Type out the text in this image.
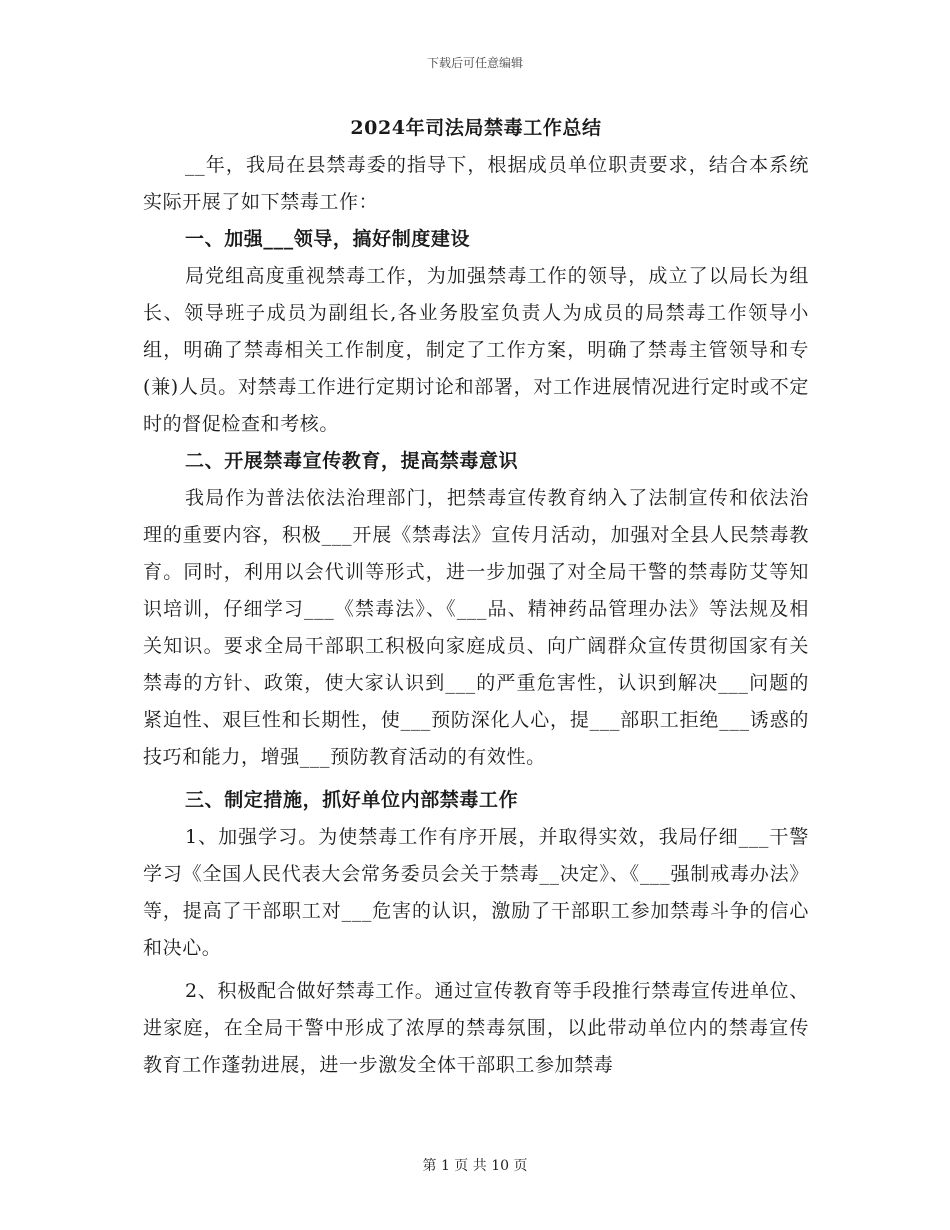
下载后可任意编辑

2024年司法局禁毒工作总结

__年，我局在县禁毒委的指导下，根据成员单位职责要求，结合本系统实际开展了如下禁毒工作：

一、加强___领导，搞好制度建设

局党组高度重视禁毒工作，为加强禁毒工作的领导，成立了以局长为组长、领导班子成员为副组长,各业务股室负责人为成员的局禁毒工作领导小组，明确了禁毒相关工作制度，制定了工作方案，明确了禁毒主管领导和专(兼)人员。对禁毒工作进行定期讨论和部署，对工作进展情况进行定时或不定时的督促检查和考核。

二、开展禁毒宣传教育，提高禁毒意识

我局作为普法依法治理部门，把禁毒宣传教育纳入了法制宣传和依法治理的重要内容，积极___开展《禁毒法》宣传月活动，加强对全县人民禁毒教育。同时，利用以会代训等形式，进一步加强了对全局干警的禁毒防艾等知识培训，仔细学习___《禁毒法》、《___品、精神药品管理办法》等法规及相关知识。要求全局干部职工积极向家庭成员、向广阔群众宣传贯彻国家有关禁毒的方针、政策，使大家认识到___的严重危害性，认识到解决___问题的紧迫性、艰巨性和长期性，使___预防深化人心，提___部职工拒绝___诱惑的技巧和能力，增强___预防教育活动的有效性。

三、制定措施，抓好单位内部禁毒工作

1、加强学习。为使禁毒工作有序开展，并取得实效，我局仔细___干警学习《全国人民代表大会常务委员会关于禁毒__决定》、《___强制戒毒办法》等，提高了干部职工对___危害的认识，激励了干部职工参加禁毒斗争的信心和决心。

2、积极配合做好禁毒工作。通过宣传教育等手段推行禁毒宣传进单位、进家庭，在全局干警中形成了浓厚的禁毒氛围，以此带动单位内的禁毒宣传教育工作蓬勃进展，进一步激发全体干部职工参加禁毒

第 1 页 共 10 页
